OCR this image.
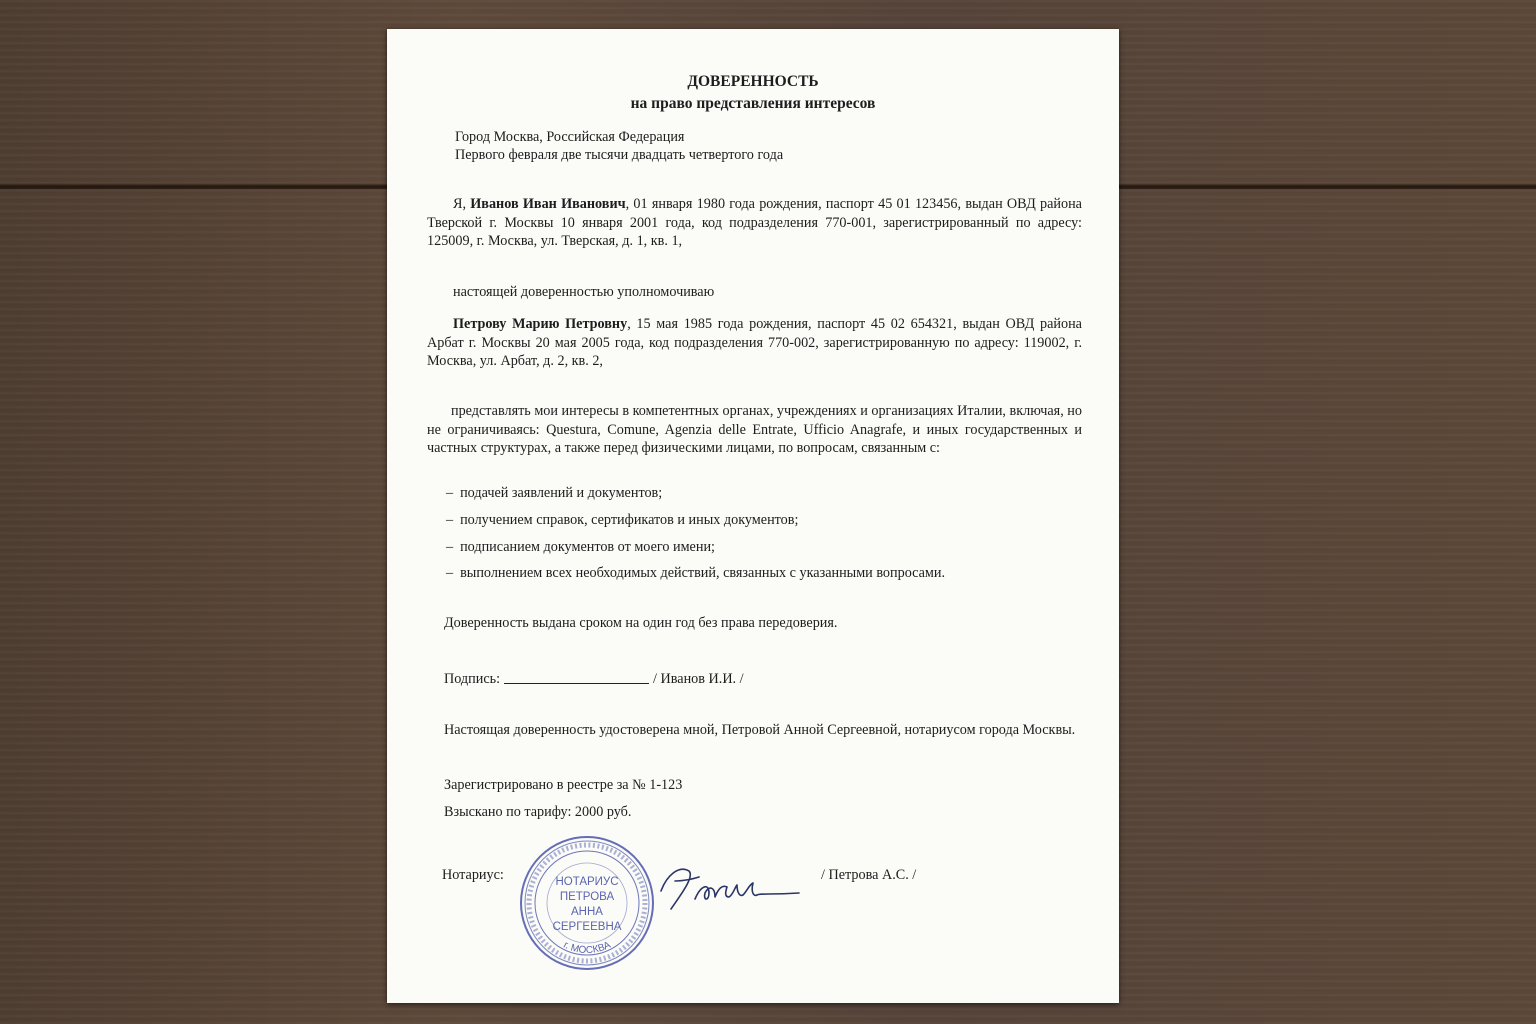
ДОВЕРЕННОСТЬ
на право представления интересов
Город Москва, Российская Федерация
Первого февраля две тысячи двадцать четвертого года
Я, Иванов Иван Иванович, 01 января 1980 года рождения, паспорт 45 01 123456, выдан ОВД района Тверской г. Москвы 10 января 2001 года, код подразделения 770-001, зарегистрированный по адресу: 125009, г. Москва, ул. Тверская, д. 1, кв. 1,
настоящей доверенностью уполномочиваю
Петрову Марию Петровну, 15 мая 1985 года рождения, паспорт 45 02 654321, выдан ОВД района Арбат г. Москвы 20 мая 2005 года, код подразделения 770-002, зарегистрированную по адресу: 119002, г. Москва, ул. Арбат, д. 2, кв. 2,
представлять мои интересы в компетентных органах, учреждениях и организациях Италии, включая, но не ограничиваясь: Questura, Comune, Agenzia delle Entrate, Ufficio Anagrafe, и иных государственных и частных структурах, а также перед физическими лицами, по вопросам, связанным с:
– подачей заявлений и документов;
– получением справок, сертификатов и иных документов;
– подписанием документов от моего имени;
– выполнением всех необходимых действий, связанных с указанными вопросами.
Доверенность выдана сроком на один год без права передоверия.
Подпись:	/ Иванов И.И. /
Настоящая доверенность удостоверена мной, Петровой Анной Сергеевной, нотариусом города Москвы.
Зарегистрировано в реестре за № 1-123
Взыскано по тарифу: 2000 руб.
Нотариус:	/ Петрова А.С. /
НОТАРИУС
ПЕТРОВА
АННА
СЕРГЕЕВНА
г. МОСКВА
